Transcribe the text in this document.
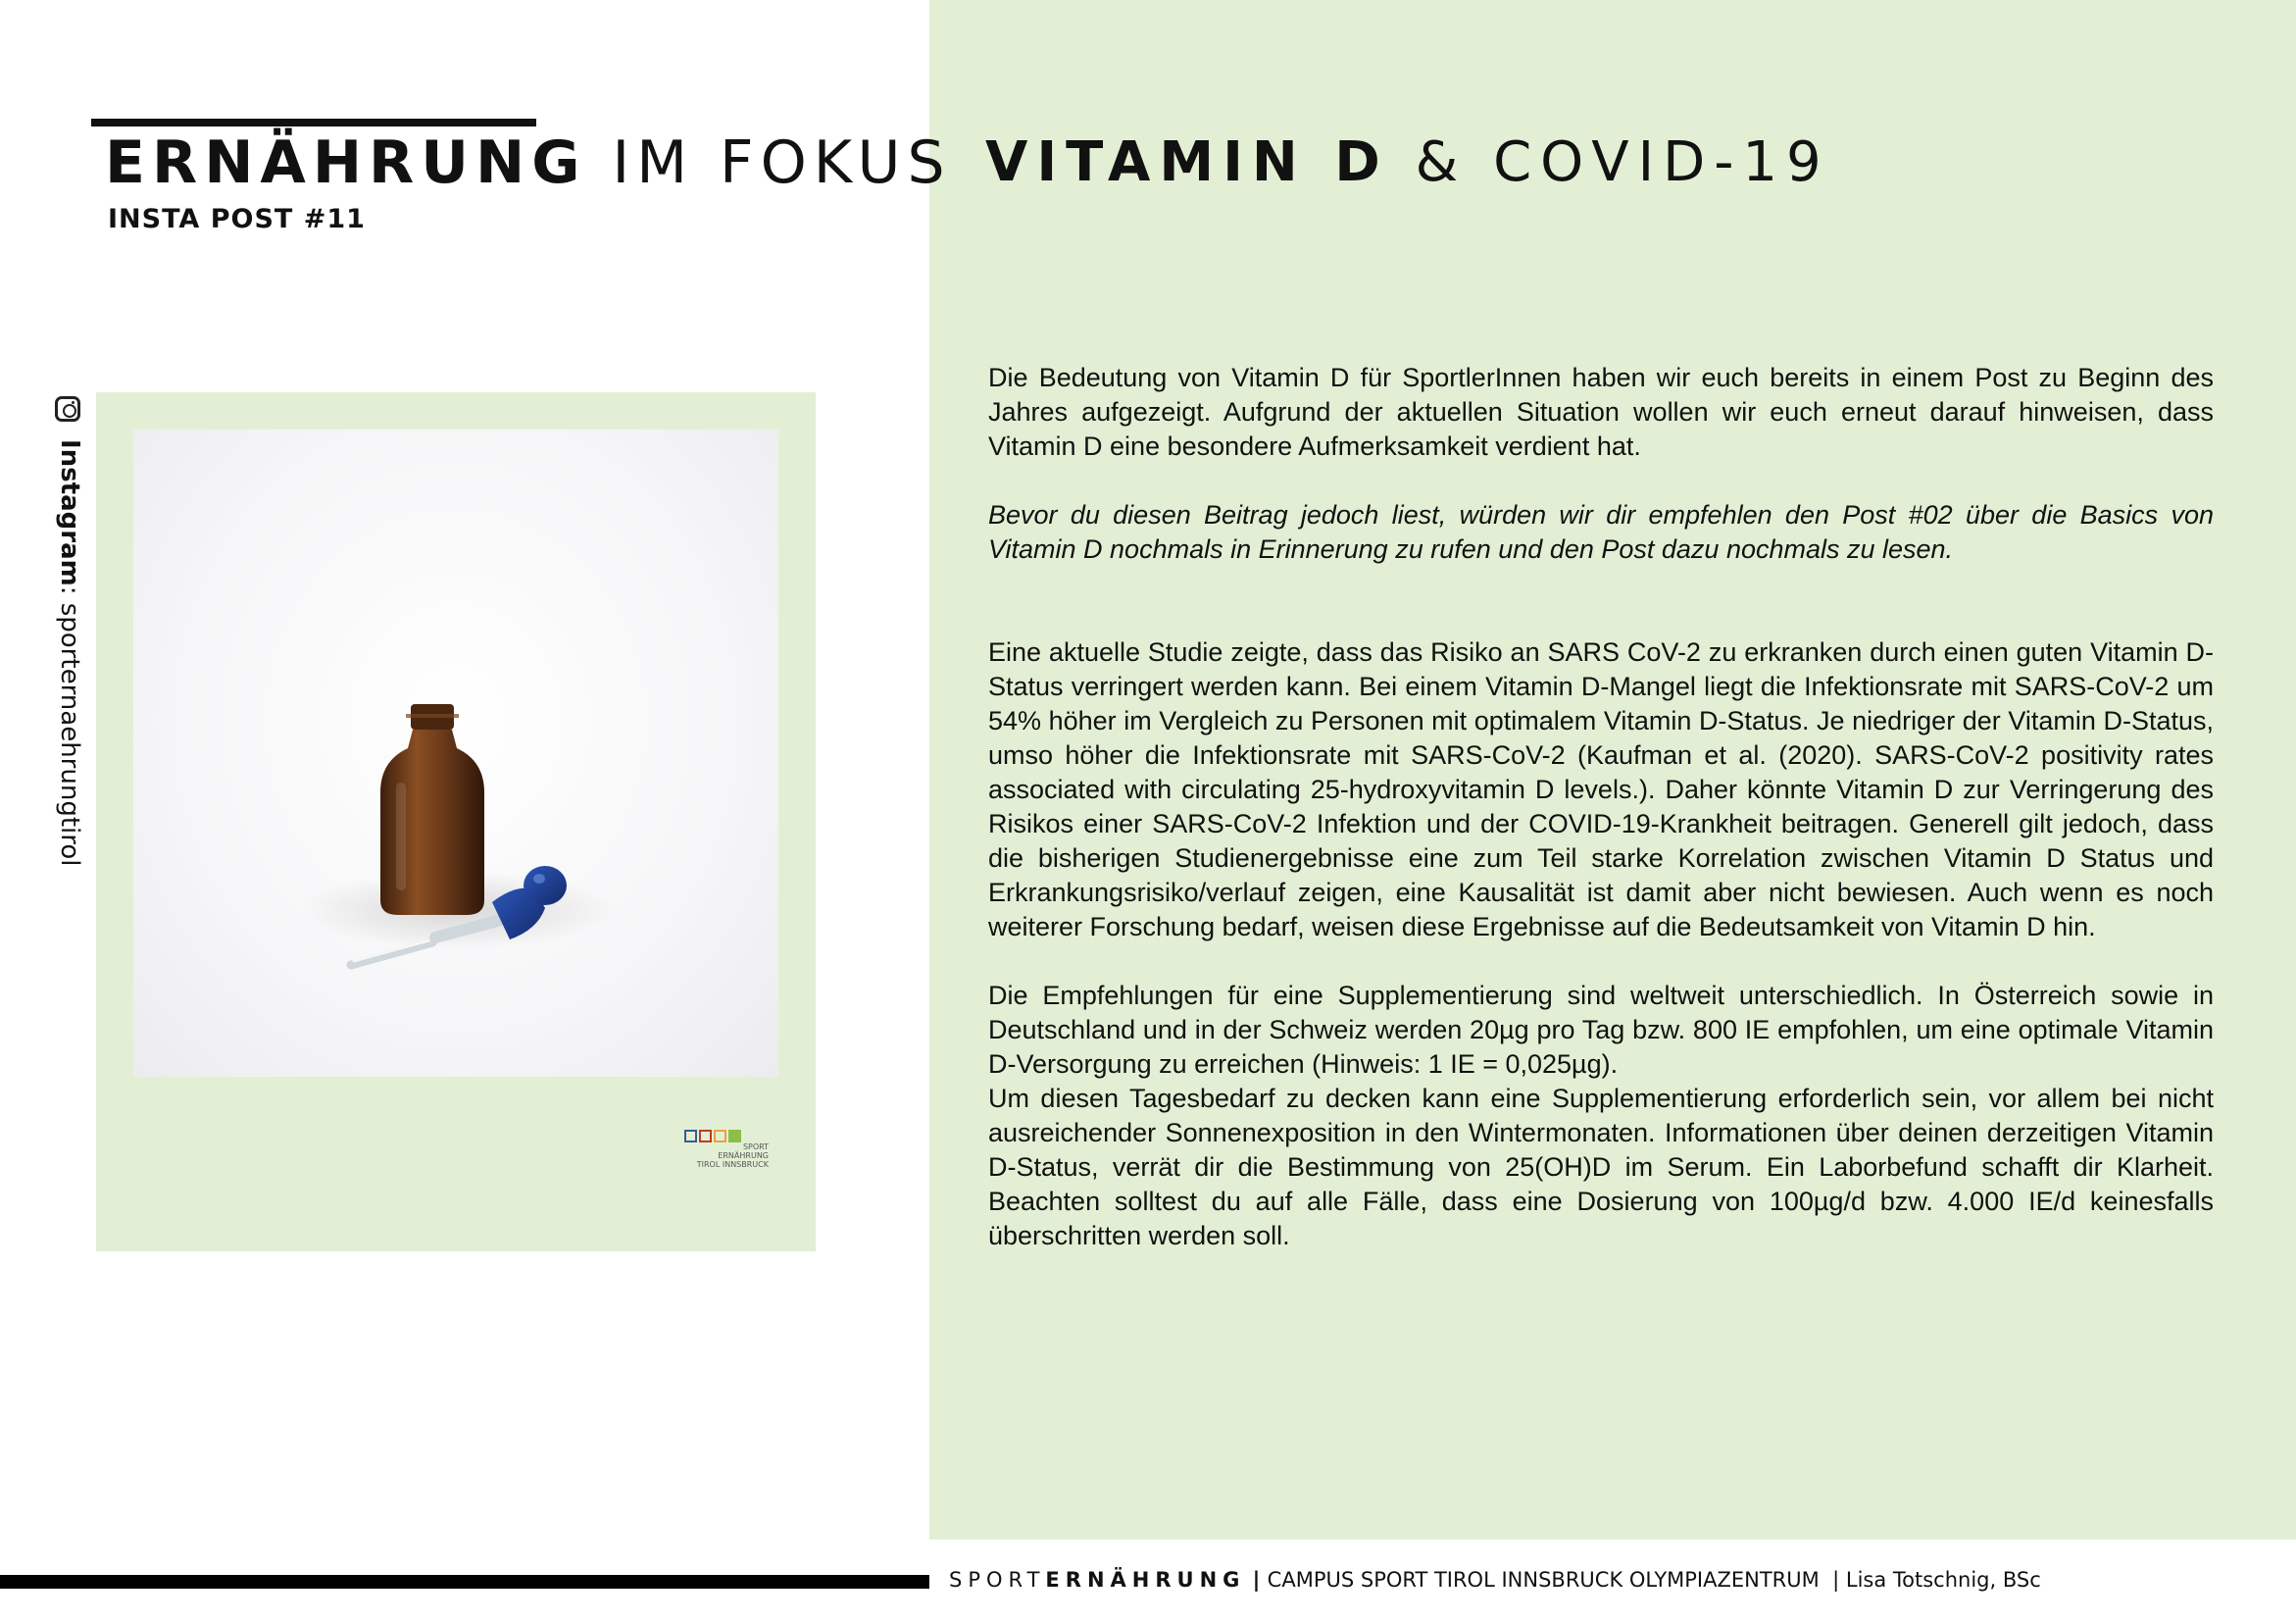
ERNÄHRUNG IM FOKUS
INSTA POST #11
Instagram: sporternaehrungtirol
SPORT
ERNÄHRUNG
TIROL INNSBRUCK
VITAMIN D & COVID-19

Die Bedeutung von Vitamin D für SportlerInnen haben wir euch bereits in einem Post zu Beginn des Jahres aufgezeigt. Aufgrund der aktuellen Situation wollen wir euch erneut darauf hinweisen, dass Vitamin D eine besondere Aufmerksamkeit verdient hat.

Bevor du diesen Beitrag jedoch liest, würden wir dir empfehlen den Post #02 über die Basics von Vitamin D nochmals in Erinnerung zu rufen und den Post dazu nochmals zu lesen.

Eine aktuelle Studie zeigte, dass das Risiko an SARS CoV-2 zu erkranken durch einen guten Vitamin D-Status verringert werden kann. Bei einem Vitamin D-Mangel liegt die Infektionsrate mit SARS-CoV-2 um 54% höher im Vergleich zu Personen mit optimalem Vitamin D-Status. Je niedriger der Vitamin D-Status, umso höher die Infektionsrate mit SARS-CoV-2 (Kaufman et al. (2020). SARS-CoV-2 positivity rates associated with circulating 25-hydroxyvitamin D levels.). Daher könnte Vitamin D zur Verringerung des Risikos einer SARS-CoV-2 Infektion und der COVID-19-Krankheit beitragen. Generell gilt jedoch, dass die bisherigen Studienergebnisse eine zum Teil starke Korrelation zwischen Vitamin D Status und Erkrankungsrisiko/verlauf zeigen, eine Kausalität ist damit aber nicht bewiesen. Auch wenn es noch weiterer Forschung bedarf, weisen diese Ergebnisse auf die Bedeutsamkeit von Vitamin D hin.

Die Empfehlungen für eine Supplementierung sind weltweit unterschiedlich. In Österreich sowie in Deutschland und in der Schweiz werden 20µg pro Tag bzw. 800 IE empfohlen, um eine optimale Vitamin D-Versorgung zu erreichen (Hinweis: 1 IE = 0,025µg).

Um diesen Tagesbedarf zu decken kann eine Supplementierung erforderlich sein, vor allem bei nicht ausreichender Sonnenexposition in den Wintermonaten. Informationen über deinen derzeitigen Vitamin D-Status, verrät dir die Bestimmung von 25(OH)D im Serum. Ein Laborbefund schafft dir Klarheit. Beachten solltest du auf alle Fälle, dass eine Dosierung von 100µg/d bzw. 4.000 IE/d keinesfalls überschritten werden soll.

SPORTERNÄHRUNG | CAMPUS SPORT TIROL INNSBRUCK OLYMPIAZENTRUM  | Lisa Totschnig, BSc
